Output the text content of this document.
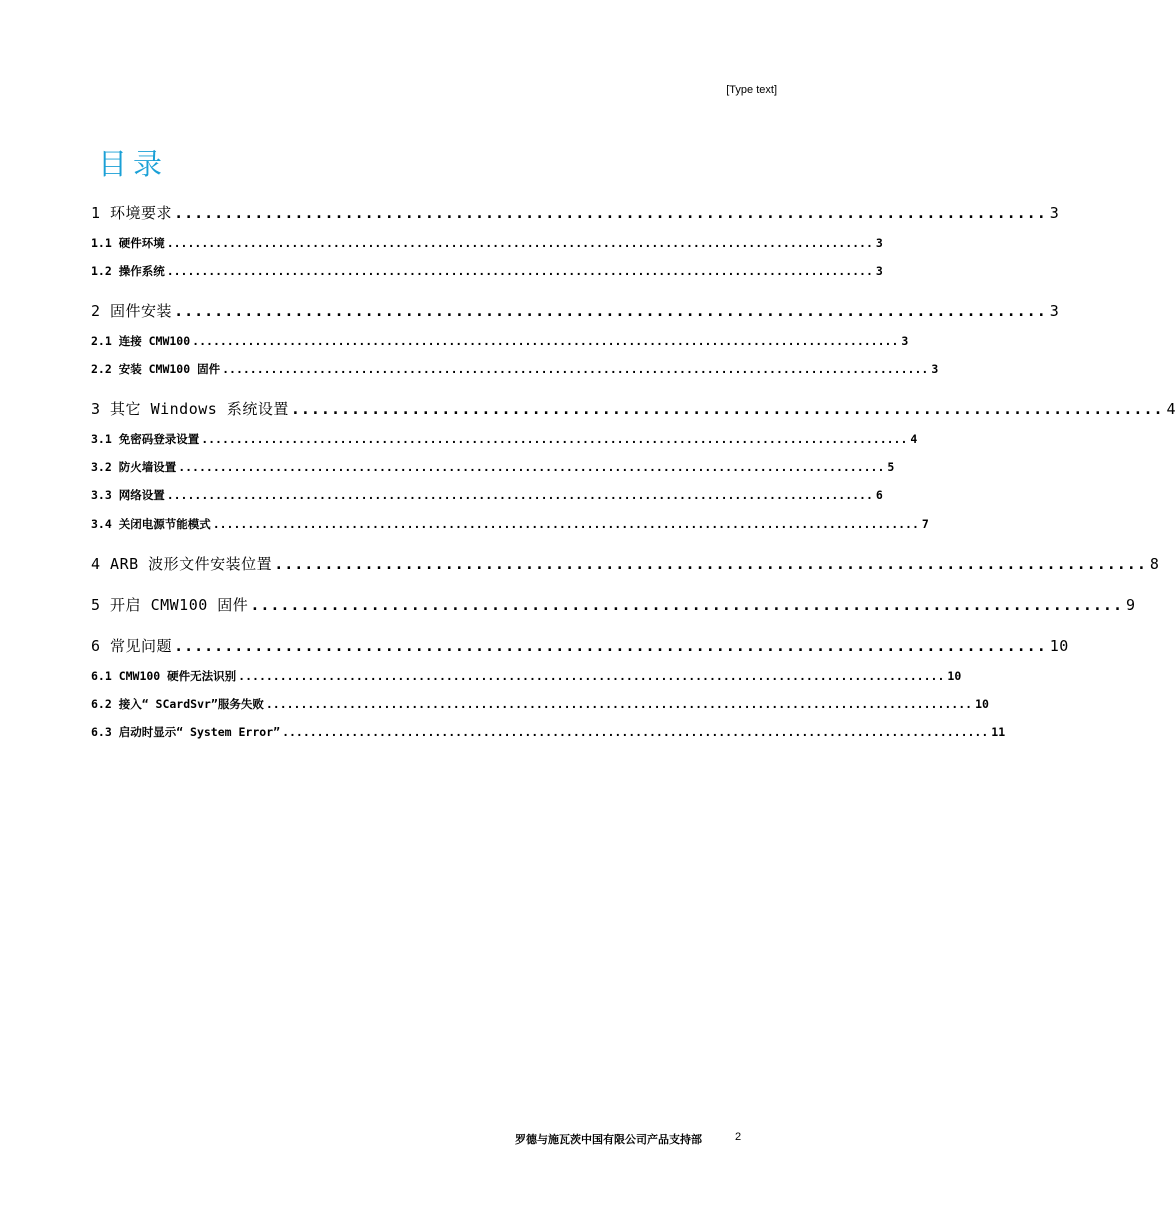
[Type text]
目录
1 环境要求 ....................................................................................... 3
1.1 硬件环境 ...................................................................................................... 3
1.2 操作系统 ...................................................................................................... 3
2 固件安装 ....................................................................................... 3
2.1 连接 CMW100 ...................................................................................................... 3
2.2 安装 CMW100 固件 ...................................................................................................... 3
3 其它 Windows 系统设置 ....................................................................................... 4
3.1 免密码登录设置 ...................................................................................................... 4
3.2 防火墙设置 ...................................................................................................... 5
3.3 网络设置 ...................................................................................................... 6
3.4 关闭电源节能模式 ...................................................................................................... 7
4 ARB 波形文件安装位置 ....................................................................................... 8
5 开启 CMW100 固件 ....................................................................................... 9
6 常见问题 ....................................................................................... 10
6.1 CMW100 硬件无法识别 ...................................................................................................... 10
6.2 接入“ SCardSvr”服务失败 ...................................................................................................... 10
6.3 启动时显示“ System Error” ...................................................................................................... 11
罗德与施瓦茨中国有限公司产品支持部	2
